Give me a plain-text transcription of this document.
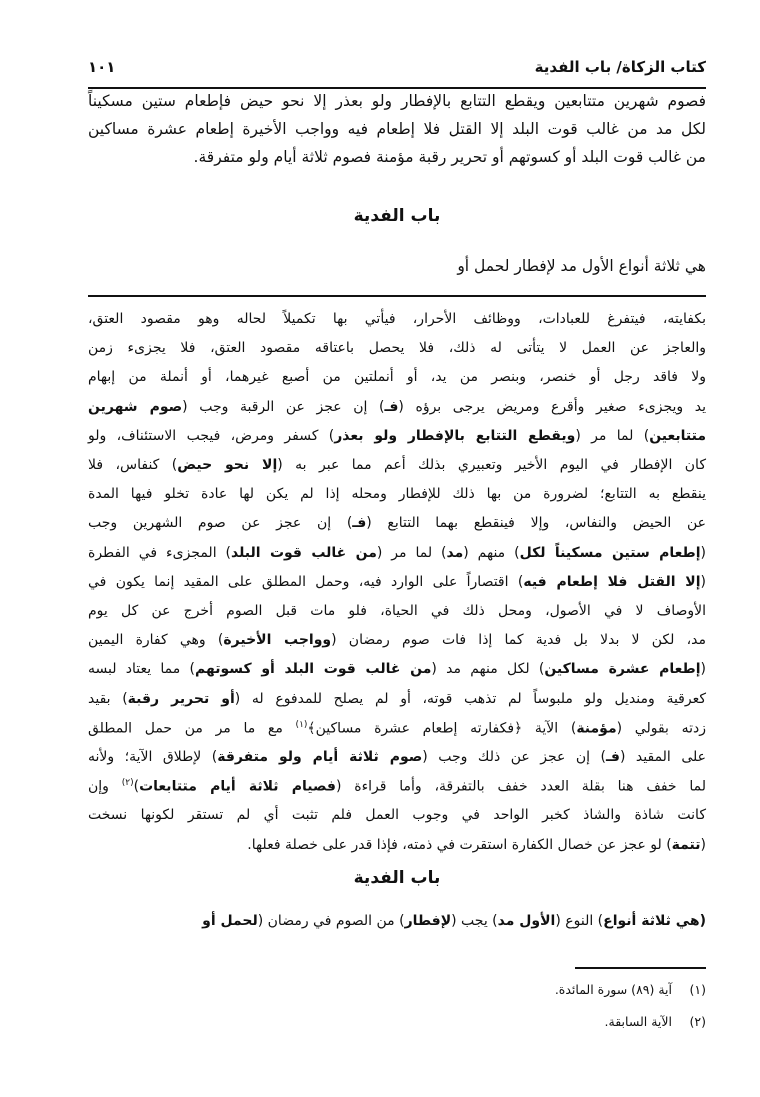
كتاب الزكاة/ باب الفدية
١٠١
فصوم شهرين متتابعين ويقطع التتابع بالإفطار ولو بعذر إلا نحو حيض فإطعام ستين مسكيناً
لكل مد من غالب قوت البلد إلا القتل فلا إطعام فيه وواجب الأخيرة إطعام عشرة مساكين
من غالب قوت البلد أو كسوتهم أو تحرير رقبة مؤمنة فصوم ثلاثة أيام ولو متفرقة.
باب الفدية
هي ثلاثة أنواع الأول مد لإفطار لحمل أو
بكفايته، فيتفرغ للعبادات، ووظائف الأحرار، فيأتي بها تكميلاً لحاله وهو مقصود العتق،
والعاجز عن العمل لا يتأتى له ذلك، فلا يحصل باعتاقه مقصود العتق، فلا يجزىء زمن
ولا فاقد رجل أو خنصر، وبنصر من يد، أو أنملتين من أصبع غيرهما، أو أنملة من إبهام
يد ويجزىء صغير وأقرع ومريض يرجى برؤه (فـ) إن عجز عن الرقبة وجب (صوم شهرين
متتابعين) لما مر (ويقطع التتابع بالإفطار ولو بعذر) كسفر ومرض، فيجب الاستئناف، ولو
كان الإفطار في اليوم الأخير وتعبيري بذلك أعم مما عبر به (إلا نحو حيض) كنفاس، فلا
ينقطع به التتابع؛ لضرورة من بها ذلك للإفطار ومحله إذا لم يكن لها عادة تخلو فيها المدة
عن الحيض والنفاس، وإلا فينقطع بهما التتابع (فـ) إن عجز عن صوم الشهرين وجب
(إطعام ستين مسكيناً لكل) منهم (مد) لما مر (من غالب قوت البلد) المجزىء في الفطرة
(إلا القتل فلا إطعام فيه) اقتصاراً على الوارد فيه، وحمل المطلق على المقيد إنما يكون في
الأوصاف لا في الأصول، ومحل ذلك في الحياة، فلو مات قبل الصوم أخرج عن كل يوم
مد، لكن لا بدلا بل فدية كما إذا فات صوم رمضان (وواجب الأخيرة) وهي كفارة اليمين
(إطعام عشرة مساكين) لكل منهم مد (من غالب قوت البلد أو كسوتهم) مما يعتاد لبسه
كعرقية ومنديل ولو ملبوساً لم تذهب قوته، أو لم يصلح للمدفوع له (أو تحرير رقبة) بقيد
زدته بقولي (مؤمنة) الآية ﴿فكفارته إطعام عشرة مساكين﴾$^{(١)}$ مع ما مر من حمل المطلق
على المقيد (فـ) إن عجز عن ذلك وجب (صوم ثلاثة أيام ولو متفرقة) لإطلاق الآية؛ ولأنه
لما خفف هنا بقلة العدد خفف بالتفرقة، وأما قراءة (فصيام ثلاثة أيام متتابعات)$^{(٢)}$ وإن
كانت شاذة والشاذ كخبر الواحد في وجوب العمل فلم تثبت أي لم تستقر لكونها نسخت
(تتمة) لو عجز عن خصال الكفارة استقرت في ذمته، فإذا قدر على خصلة فعلها.
باب الفدية
(هي ثلاثة أنواع) النوع (الأول مد) يجب (لإفطار) من الصوم في رمضان (لحمل أو
(١) آية (٨٩) سورة المائدة.
(٢) الآية السابقة.
